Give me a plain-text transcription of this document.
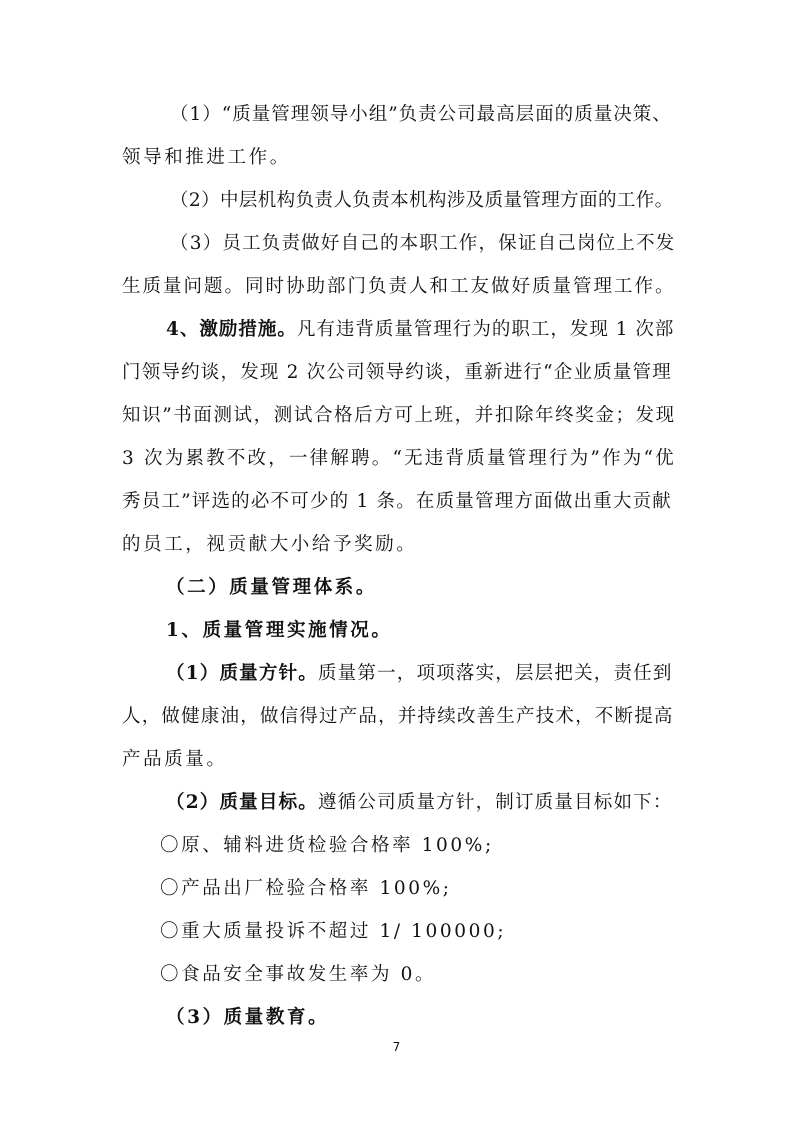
（1）“质量管理领导小组”负责公司最高层面的质量决策、
领导和推进工作。
（2）中层机构负责人负责本机构涉及质量管理方面的工作。
（3）员工负责做好自己的本职工作，保证自己岗位上不发
生质量问题。同时协助部门负责人和工友做好质量管理工作。
4、激励措施。凡有违背质量管理行为的职工，发现 1 次部
门领导约谈，发现 2 次公司领导约谈，重新进行“企业质量管理
知识”书面测试，测试合格后方可上班，并扣除年终奖金；发现
3 次为累教不改，一律解聘。“无违背质量管理行为”作为“优
秀员工”评选的必不可少的 1 条。在质量管理方面做出重大贡献
的员工，视贡献大小给予奖励。
（二）质量管理体系。
1、质量管理实施情况。
（1）质量方针。质量第一，项项落实，层层把关，责任到
人，做健康油，做信得过产品，并持续改善生产技术，不断提高
产品质量。
（2）质量目标。遵循公司质量方针，制订质量目标如下：
〇原、辅料进货检验合格率 100%;
〇产品出厂检验合格率 100%;
〇重大质量投诉不超过 1/ 100000;
〇食品安全事故发生率为 0。
（3）质量教育。
7
